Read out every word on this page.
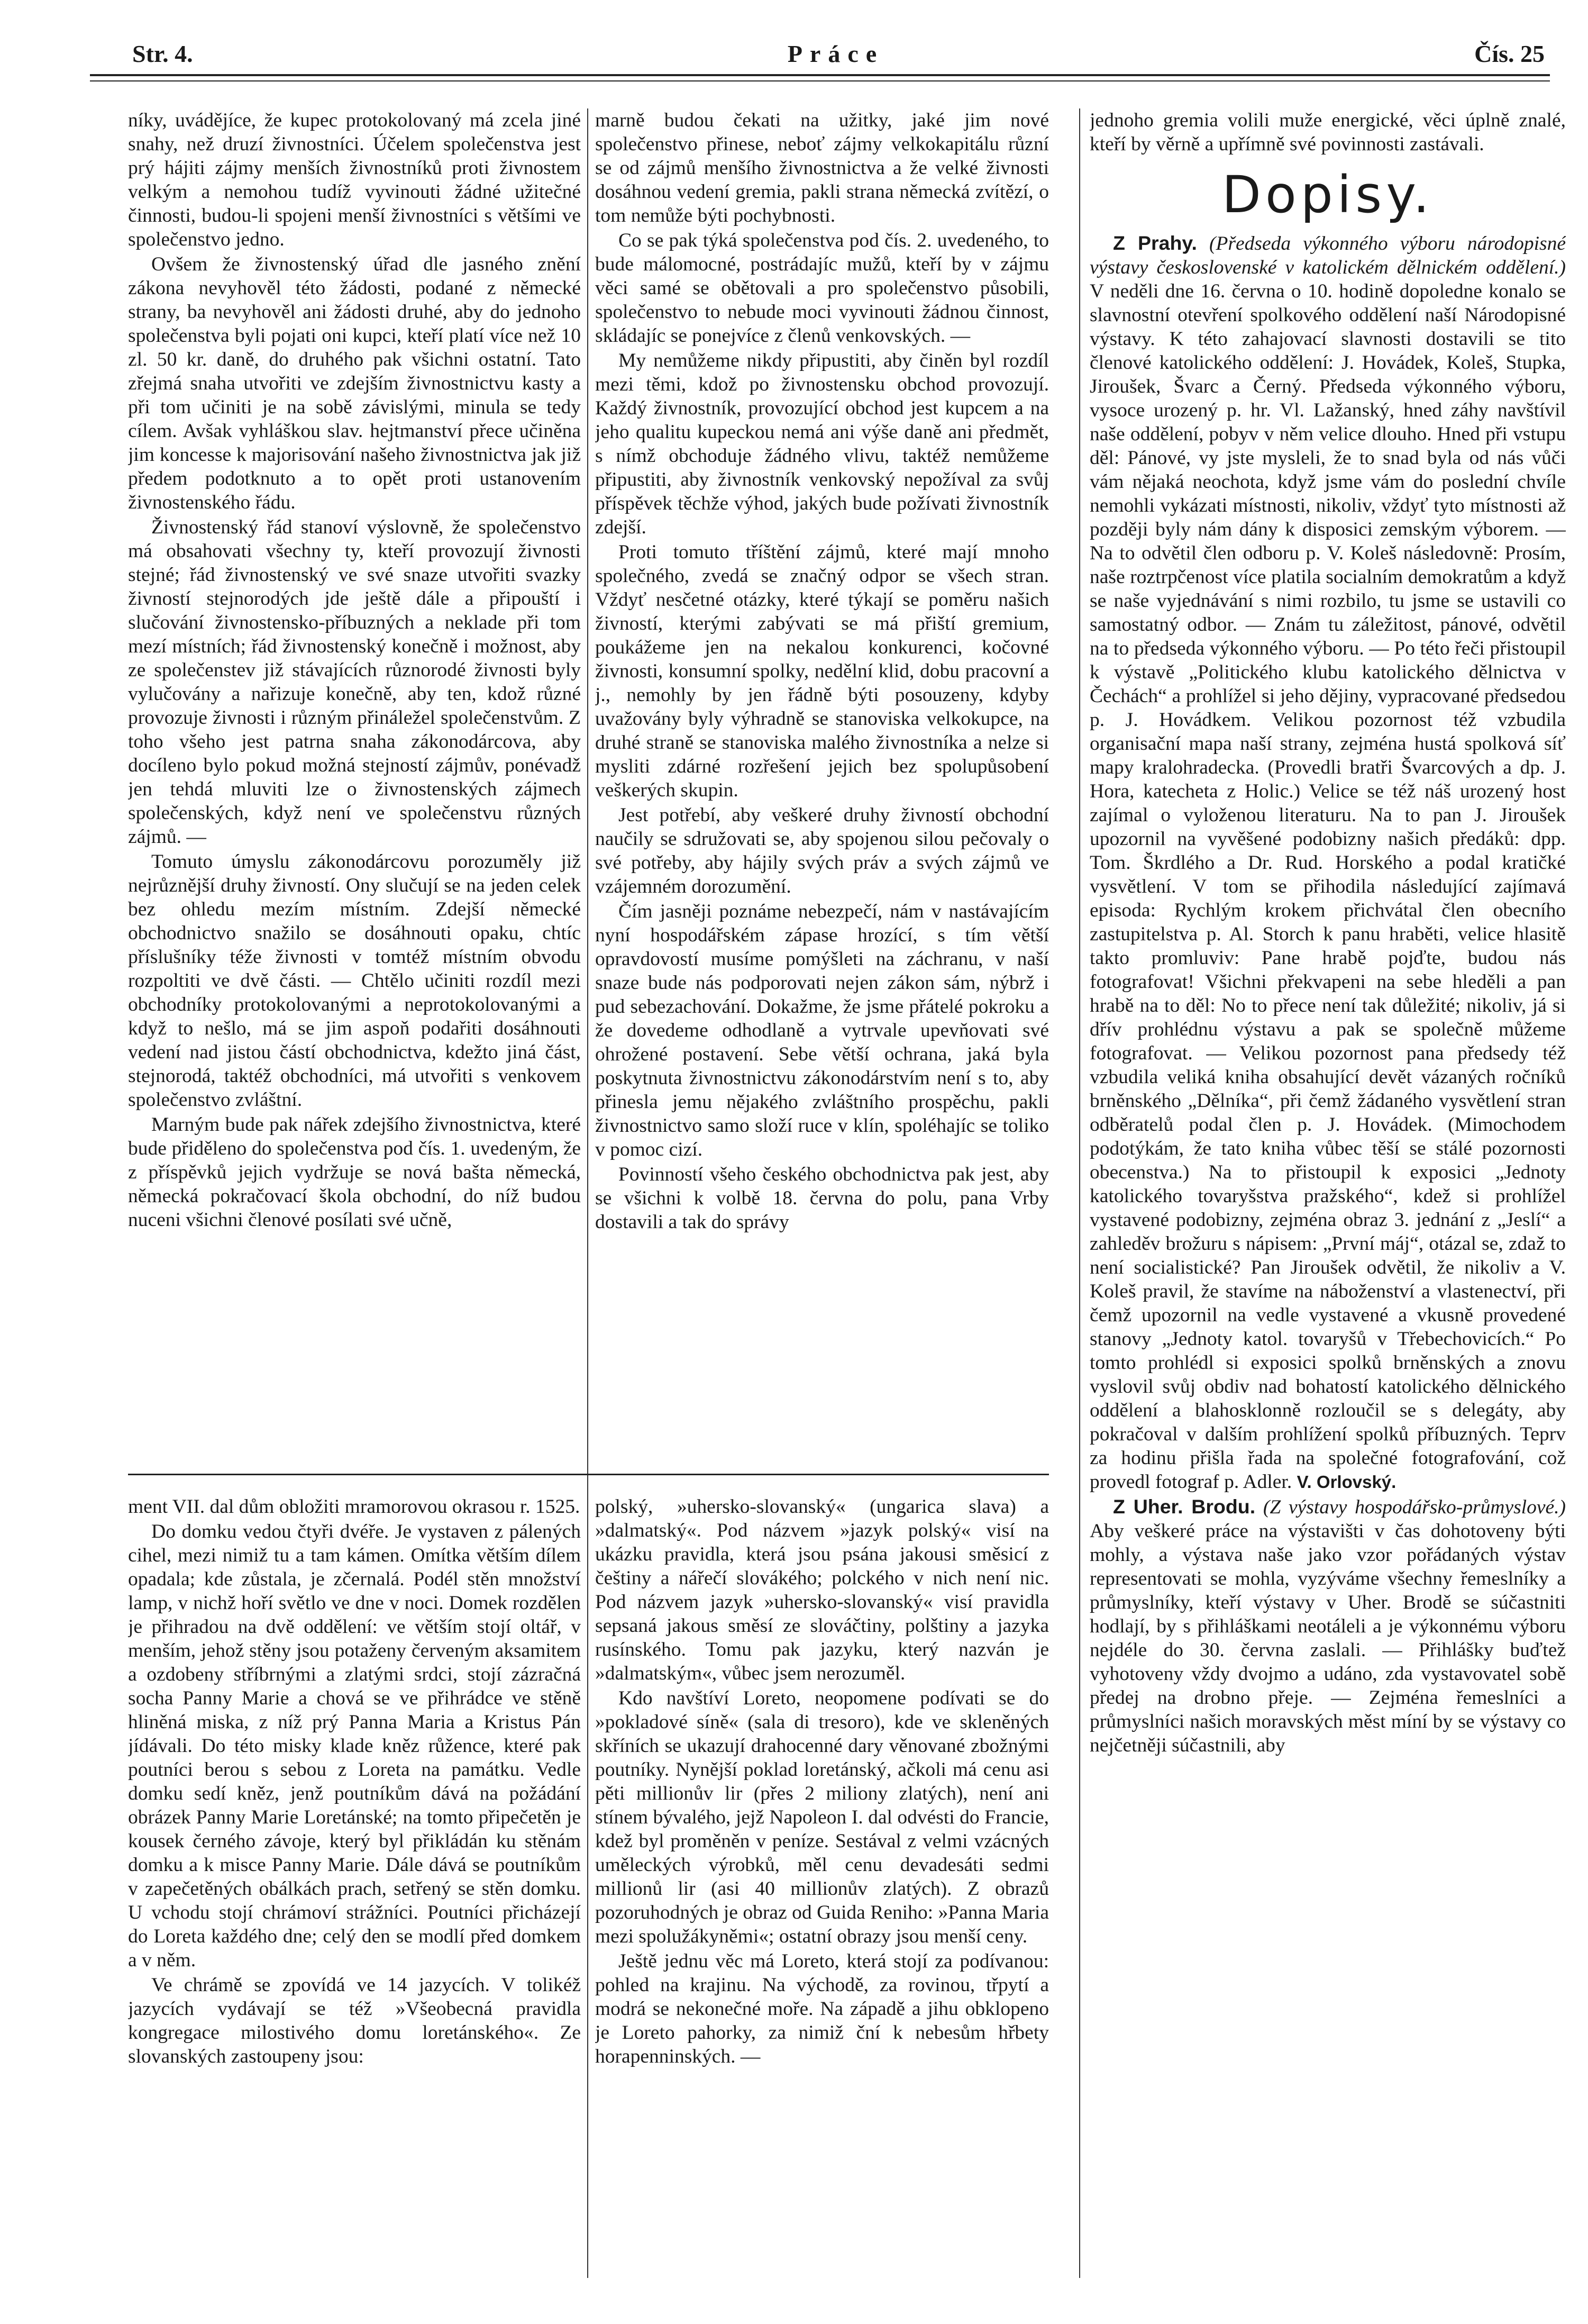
Str. 4.	Práce	Čís. 25

níky, uvádějíce, že kupec protokolovaný má zcela jiné snahy, než druzí živnostníci. Účelem společenstva jest prý hájiti zájmy menších živnostníků proti živnostem velkým a nemohou tudíž vyvinouti žádné užitečné činnosti, budou-li spojeni menší živnostníci s většími ve společenstvo jedno.

Ovšem že živnostenský úřad dle jasného znění zákona nevyhověl této žádosti, podané z německé strany, ba nevyhověl ani žádosti druhé, aby do jednoho společenstva byli pojati oni kupci, kteří platí více než 10 zl. 50 kr. daně, do druhého pak všichni ostatní. Tato zřejmá snaha utvořiti ve zdejším živnostnictvu kasty a při tom učiniti je na sobě závislými, minula se tedy cílem. Avšak vyhláškou slav. hejtmanství přece učiněna jim koncesse k majorisování našeho živnostnictva jak již předem podotknuto a to opět proti ustanovením živnostenského řádu.

Živnostenský řád stanoví výslovně, že společenstvo má obsahovati všechny ty, kteří provozují živnosti stejné; řád živnostenský ve své snaze utvořiti svazky živností stejnorodých jde ještě dále a připouští i slučování živnostensko-příbuzných a neklade při tom mezí místních; řád živnostenský konečně i možnost, aby ze společenstev již stávajících různorodé živnosti byly vylučovány a nařizuje konečně, aby ten, kdož různé provozuje živnosti i různým přináležel společenstvům. Z toho všeho jest patrna snaha zákonodárcova, aby docíleno bylo pokud možná stejností zájmův, ponévadž jen tehdá mluviti lze o živnostenských zájmech společenských, když není ve společenstvu různých zájmů. —

Tomuto úmyslu zákonodárcovu porozuměly již nejrůznější druhy živností. Ony slučují se na jeden celek bez ohledu mezím místním. Zdejší německé obchodnictvo snažilo se dosáhnouti opaku, chtíc příslušníky téže živnosti v tomtéž místním obvodu rozpoltiti ve dvě části. — Chtělo učiniti rozdíl mezi obchodníky protokolovanými a neprotokolovanými a když to nešlo, má se jim aspoň podařiti dosáhnouti vedení nad jistou částí obchodnictva, kdežto jiná část, stejnorodá, taktéž obchodníci, má utvořiti s venkovem společenstvo zvláštní.

Marným bude pak nářek zdejšího živnostnictva, které bude přiděleno do společenstva pod čís. 1. uvedeným, že z příspěvků jejich vydržuje se nová bašta německá, německá pokračovací škola obchodní, do níž budou nuceni všichni členové posílati své učně,

marně budou čekati na užitky, jaké jim nové společenstvo přinese, neboť zájmy velkokapitálu různí se od zájmů menšího živnostnictva a že velké živnosti dosáhnou vedení gremia, pakli strana německá zvítězí, o tom nemůže býti pochybnosti.

Co se pak týká společenstva pod čís. 2. uvedeného, to bude málomocné, postrádajíc mužů, kteří by v zájmu věci samé se obětovali a pro společenstvo působili, společenstvo to nebude moci vyvinouti žádnou činnost, skládajíc se ponejvíce z členů venkovských. —

My nemůžeme nikdy připustiti, aby činěn byl rozdíl mezi těmi, kdož po živnostensku obchod provozují. Každý živnostník, provozující obchod jest kupcem a na jeho qualitu kupeckou nemá ani výše daně ani předmět, s nímž obchoduje žádného vlivu, taktéž nemůžeme připustiti, aby živnostník venkovský nepožíval za svůj příspěvek těchže výhod, jakých bude požívati živnostník zdejší.

Proti tomuto tříštění zájmů, které mají mnoho společného, zvedá se značný odpor se všech stran. Vždyť nesčetné otázky, které týkají se poměru našich živností, kterými zabývati se má přiští gremium, poukážeme jen na nekalou konkurenci, kočovné živnosti, konsumní spolky, nedělní klid, dobu pracovní a j., nemohly by jen řádně býti posouzeny, kdyby uvažovány byly výhradně se stanoviska velkokupce, na druhé straně se stanoviska malého živnostníka a nelze si mysliti zdárné rozřešení jejich bez spolupůsobení veškerých skupin.

Jest potřebí, aby veškeré druhy živností obchodní naučily se sdružovati se, aby spojenou silou pečovaly o své potřeby, aby hájily svých práv a svých zájmů ve vzájemném dorozumění.

Čím jasněji poznáme nebezpečí, nám v nastávajícím nyní hospodářském zápase hrozící, s tím větší opravdovostí musíme pomýšleti na záchranu, v naší snaze bude nás podporovati nejen zákon sám, nýbrž i pud sebezachování. Dokažme, že jsme přátelé pokroku a že dovedeme odhodlaně a vytrvale upevňovati své ohrožené postavení. Sebe větší ochrana, jaká byla poskytnuta živnostnictvu zákonodárstvím není s to, aby přinesla jemu nějakého zvláštního prospěchu, pakli živnostnictvo samo složí ruce v klín, spoléhajíc se toliko v pomoc cizí.

Povinností všeho českého obchodnictva pak jest, aby se všichni k volbě 18. června do polu, pana Vrby dostavili a tak do správy

jednoho gremia volili muže energické, věci úplně znalé, kteří by věrně a upřímně své povinnosti zastávali.

Dopisy.

Z Prahy. (Předseda výkonného výboru národopisné výstavy československé v katolickém dělnickém oddělení.) V neděli dne 16. června o 10. hodině dopoledne konalo se slavnostní otevření spolkového oddělení naší Národopisné výstavy. K této zahajovací slavnosti dostavili se tito členové katolického oddělení: J. Hovádek, Koleš, Stupka, Jiroušek, Švarc a Černý. Předseda výkonného výboru, vysoce urozený p. hr. Vl. Lažanský, hned záhy navštívil naše oddělení, pobyv v něm velice dlouho. Hned při vstupu děl: Pánové, vy jste mysleli, že to snad byla od nás vůči vám nějaká neochota, když jsme vám do poslední chvíle nemohli vykázati místnosti, nikoliv, vždyť tyto místnosti až později byly nám dány k disposici zemským výborem. — Na to odvětil člen odboru p. V. Koleš následovně: Prosím, naše roztrpčenost více platila socialním demokratům a když se naše vyjednávání s nimi rozbilo, tu jsme se ustavili co samostatný odbor. — Znám tu záležitost, pánové, odvětil na to předseda výkonného výboru. — Po této řeči přistoupil k výstavě „Politického klubu katolického dělnictva v Čechách“ a prohlížel si jeho dějiny, vypracované předsedou p. J. Hovádkem. Velikou pozornost též vzbudila organisační mapa naší strany, zejména hustá spolková síť mapy kralohradecka. (Provedli bratři Švarcových a dp. J. Hora, katecheta z Holic.) Velice se též náš urozený host zajímal o vyloženou literaturu. Na to pan J. Jiroušek upozornil na vyvěšené podobizny našich předáků: dpp. Tom. Škrdlého a Dr. Rud. Horského a podal kratičké vysvětlení. V tom se přihodila následující zajímavá episoda: Rychlým krokem přichvátal člen obecního zastupitelstva p. Al. Storch k panu hraběti, velice hlasitě takto promluviv: Pane hrabě pojďte, budou nás fotografovat! Všichni překvapeni na sebe hleděli a pan hrabě na to děl: No to přece není tak důležité; nikoliv, já si dřív prohlédnu výstavu a pak se společně můžeme fotografovat. — Velikou pozornost pana předsedy též vzbudila veliká kniha obsahující devět vázaných ročníků brněnského „Dělníka“, při čemž žádaného vysvětlení stran odběratelů podal člen p. J. Hovádek. (Mimochodem podotýkám, že tato kniha vůbec těší se stálé pozornosti obecenstva.) Na to přistoupil k exposici „Jednoty katolického tovaryšstva pražského“, kdež si prohlížel vystavené podobizny, zejména obraz 3. jednání z „Jeslí“ a zahleděv brožuru s nápisem: „První máj“, otázal se, zdaž to není socialistické? Pan Jiroušek odvětil, že nikoliv a V. Koleš pravil, že stavíme na náboženství a vlastenectví, při čemž upozornil na vedle vystavené a vkusně provedené stanovy „Jednoty katol. tovaryšů v Třebechovicích.“ Po tomto prohlédl si exposici spolků brněnských a znovu vyslovil svůj obdiv nad bohatostí katolického dělnického oddělení a blahosklonně rozloučil se s delegáty, aby pokračoval v dalším prohlížení spolků příbuzných. Teprv za hodinu přišla řada na společné fotografování, což provedl fotograf p. Adler. V. Orlovský.

Z Uher. Brodu. (Z výstavy hospodářsko-průmyslové.) Aby veškeré práce na výstavišti v čas dohotoveny býti mohly, a výstava naše jako vzor pořádaných výstav representovati se mohla, vyzýváme všechny řemeslníky a průmyslníky, kteří výstavy v Uher. Brodě se súčastniti hodlají, by s přihláškami neotáleli a je výkonnému výboru nejdéle do 30. června zaslali. — Přihlášky buďtež vyhotoveny vždy dvojmo a udáno, zda vystavovatel sobě předej na drobno přeje. — Zejména řemeslníci a průmyslníci našich moravských měst míní by se výstavy co nejčetněji súčastnili, aby

ment VII. dal dům obložiti mramorovou okrasou r. 1525.

Do domku vedou čtyři dvéře. Je vystaven z pálených cihel, mezi nimiž tu a tam kámen. Omítka větším dílem opadala; kde zůstala, je zčernalá. Podél stěn množství lamp, v nichž hoří světlo ve dne v noci. Domek rozdělen je přihradou na dvě oddělení: ve větším stojí oltář, v menším, jehož stěny jsou potaženy červeným aksamitem a ozdobeny stříbrnými a zlatými srdci, stojí zázračná socha Panny Marie a chová se ve přihrádce ve stěně hliněná miska, z níž prý Panna Maria a Kristus Pán jídávali. Do této misky klade kněz růžence, které pak poutníci berou s sebou z Loreta na památku. Vedle domku sedí kněz, jenž poutníkům dává na požádání obrázek Panny Marie Loretánské; na tomto připečetěn je kousek černého závoje, který byl přikládán ku stěnám domku a k misce Panny Marie. Dále dává se poutníkům v zapečetěných obálkách prach, setřený se stěn domku. U vchodu stojí chrámoví strážníci. Poutníci přicházejí do Loreta každého dne; celý den se modlí před domkem a v něm.

Ve chrámě se zpovídá ve 14 jazycích. V tolikéž jazycích vydávají se též »Všeobecná pravidla kongregace milostivého domu loretánského«. Ze slovanských zastoupeny jsou:

polský, »uhersko-slovanský« (ungarica slava) a »dalmatský«. Pod názvem »jazyk polský« visí na ukázku pravidla, která jsou psána jakousi směsicí z češtiny a nářečí slovákého; polckého v nich není nic. Pod názvem jazyk »uhersko-slovanský« visí pravidla sepsaná jakous směsí ze slováčtiny, polštiny a jazyka rusínského. Tomu pak jazyku, který nazván je »dalmatským«, vůbec jsem nerozuměl.

Kdo navštíví Loreto, neopomene podívati se do »pokladové síně« (sala di tresoro), kde ve skleněných skříních se ukazují drahocenné dary věnované zbožnými poutníky. Nynější poklad loretánský, ačkoli má cenu asi pěti millionův lir (přes 2 miliony zlatých), není ani stínem bývalého, jejž Napoleon I. dal odvésti do Francie, kdež byl proměněn v peníze. Sestával z velmi vzácných uměleckých výrobků, měl cenu devadesáti sedmi millionů lir (asi 40 millionův zlatých). Z obrazů pozoruhodných je obraz od Guida Reniho: »Panna Maria mezi spolužákyněmi«; ostatní obrazy jsou menší ceny.

Ještě jednu věc má Loreto, která stojí za podívanou: pohled na krajinu. Na východě, za rovinou, třpytí a modrá se nekonečné moře. Na západě a jihu obklopeno je Loreto pahorky, za nimiž ční k nebesům hřbety horapenninských. —
